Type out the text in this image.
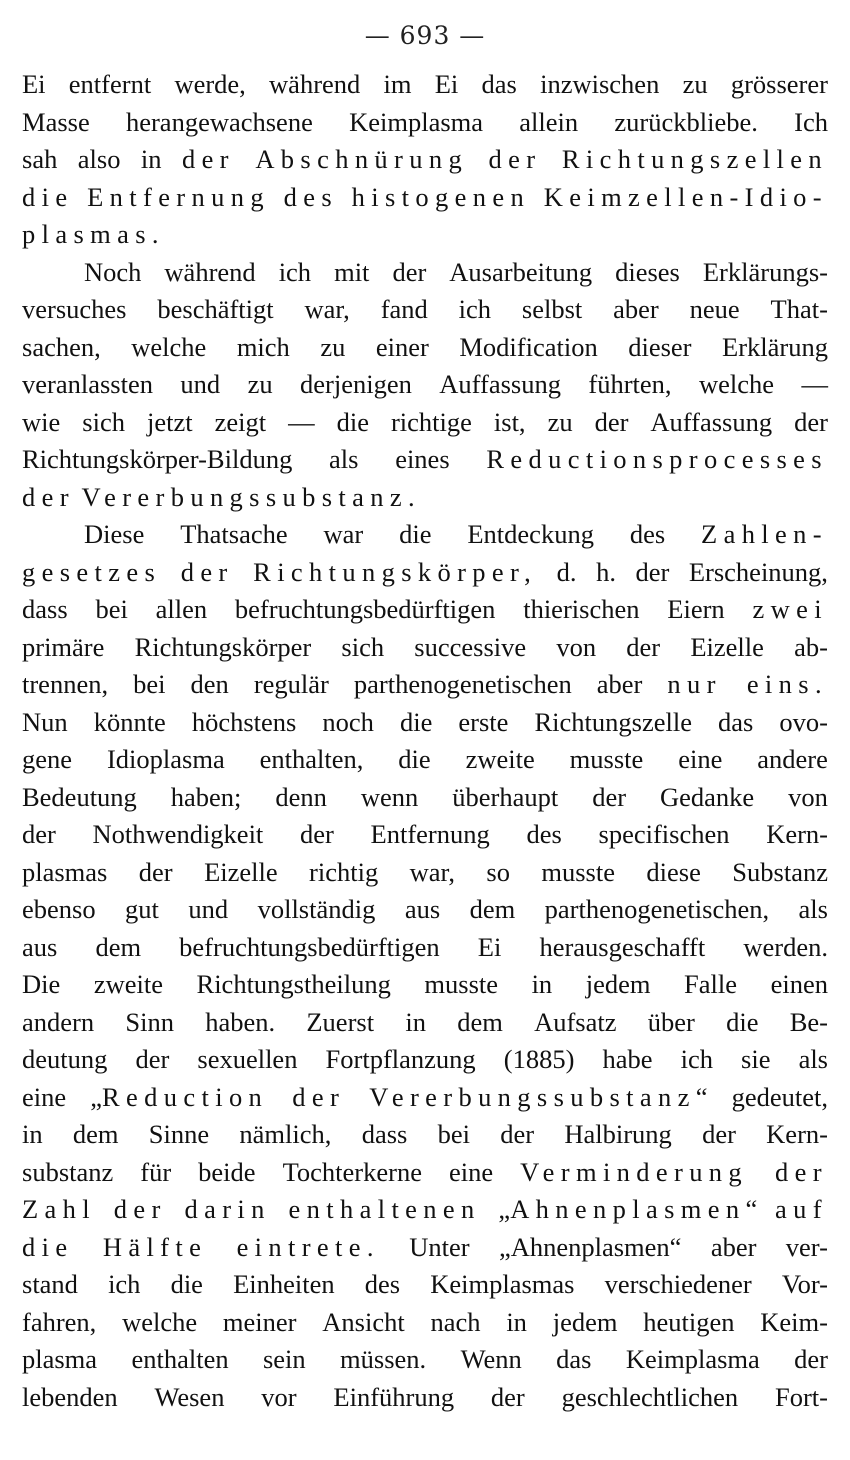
— 693 —
Ei entfernt werde, während im Ei das inzwischen zu grösserer
Masse herangewachsene Keimplasma allein zurückbliebe. Ich
sah also in der Abschnürung der Richtungszellen
die Entfernung des histogenen Keimzellen-Idio-
plasmas.
Noch während ich mit der Ausarbeitung dieses Erklärungs-
versuches beschäftigt war, fand ich selbst aber neue That-
sachen, welche mich zu einer Modification dieser Erklärung
veranlassten und zu derjenigen Auffassung führten, welche —
wie sich jetzt zeigt — die richtige ist, zu der Auffassung der
Richtungskörper-Bildung als eines Reductionsprocesses
der
Vererbungssubstanz.
Diese Thatsache war die Entdeckung des Zahlen-
gesetzes der Richtungskörper, d. h. der Erscheinung,
dass bei allen befruchtungsbedürftigen thierischen Eiern zwei
primäre Richtungskörper sich successive von der Eizelle ab-
trennen, bei den regulär parthenogenetischen aber nur eins.
Nun könnte höchstens noch die erste Richtungszelle das ovo-
gene Idioplasma enthalten, die zweite musste eine andere
Bedeutung haben; denn wenn überhaupt der Gedanke von
der Nothwendigkeit der Entfernung des specifischen Kern-
plasmas der Eizelle richtig war, so musste diese Substanz
ebenso gut und vollständig aus dem parthenogenetischen, als
aus dem befruchtungsbedürftigen Ei herausgeschafft werden.
Die zweite Richtungstheilung musste in jedem Falle einen
andern Sinn haben. Zuerst in dem Aufsatz über die Be-
deutung der sexuellen Fortpflanzung (1885) habe ich sie als
eine „Reduction der Vererbungssubstanz“ gedeutet,
in dem Sinne nämlich, dass bei der Halbirung der Kern-
substanz für beide Tochterkerne eine Verminderung der
Zahl der darin enthaltenen „Ahnenplasmen“ auf
die Hälfte eintrete. Unter „Ahnenplasmen“ aber ver-
stand ich die Einheiten des Keimplasmas verschiedener Vor-
fahren, welche meiner Ansicht nach in jedem heutigen Keim-
plasma enthalten sein müssen. Wenn das Keimplasma der
lebenden Wesen vor Einführung der geschlechtlichen Fort-
